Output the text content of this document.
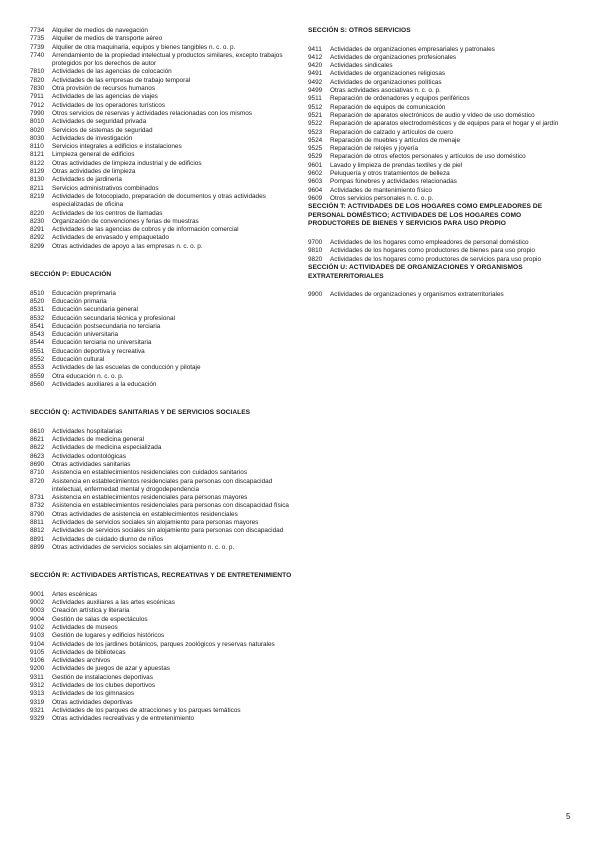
7734	Alquiler de medios de navegación
7735	Alquiler de medios de transporte aéreo
7739	Alquiler de otra maquinaria, equipos y bienes tangibles n. c. o. p.
7740	Arrendamiento de la propiedad intelectual y productos similares, excepto trabajos protegidos por los derechos de autor
7810	Actividades de las agencias de colocación
7820	Actividades de las empresas de trabajo temporal
7830	Otra provisión de recursos humanos
7911	Actividades de las agencias de viajes
7912	Actividades de los operadores turísticos
7990	Otros servicios de reservas y actividades relacionadas con los mismos
8010	Actividades de seguridad privada
8020	Servicios de sistemas de seguridad
8030	Actividades de investigación
8110	Servicios integrales a edificios e instalaciones
8121	Limpieza general de edificios
8122	Otras actividades de limpieza industrial y de edificios
8129	Otras actividades de limpieza
8130	Actividades de jardinería
8211	Servicios administrativos combinados
8219	Actividades de fotocopiado, preparación de documentos y otras actividades especializadas de oficina
8220	Actividades de los centros de llamadas
8230	Organización de convenciones y ferias de muestras
8291	Actividades de las agencias de cobros y de información comercial
8292	Actividades de envasado y empaquetado
8299	Otras actividades de apoyo a las empresas n. c. o. p.
SECCIÓN P: EDUCACIÓN
8510	Educación preprimaria
8520	Educación primaria
8531	Educación secundaria general
8532	Educación secundaria técnica y profesional
8541	Educación postsecundaria no terciaria
8543	Educación universitaria
8544	Educación terciaria no universitaria
8551	Educación deportiva y recreativa
8552	Educación cultural
8553	Actividades de las escuelas de conducción y pilotaje
8559	Otra educación n. c. o. p.
8560	Actividades auxiliares a la educación
SECCIÓN Q: ACTIVIDADES SANITARIAS Y DE SERVICIOS SOCIALES
8610	Actividades hospitalarias
8621	Actividades de medicina general
8622	Actividades de medicina especializada
8623	Actividades odontológicas
8690	Otras actividades sanitarias
8710	Asistencia en establecimientos residenciales con cuidados sanitarios
8720	Asistencia en establecimientos residenciales para personas con discapacidad intelectual, enfermedad mental y drogodependencia
8731	Asistencia en establecimientos residenciales para personas mayores
8732	Asistencia en establecimientos residenciales para personas con discapacidad física
8790	Otras actividades de asistencia en establecimientos residenciales
8811	Actividades de servicios sociales sin alojamiento para personas mayores
8812	Actividades de servicios sociales sin alojamiento para personas con discapacidad
8891	Actividades de cuidado diurno de niños
8899	Otras actividades de servicios sociales sin alojamiento n. c. o. p.
SECCIÓN R: ACTIVIDADES ARTÍSTICAS, RECREATIVAS Y DE ENTRETENIMIENTO
9001	Artes escénicas
9002	Actividades auxiliares a las artes escénicas
9003	Creación artística y literaria
9004	Gestión de salas de espectáculos
9102	Actividades de museos
9103	Gestión de lugares y edificios históricos
9104	Actividades de los jardines botánicos, parques zoológicos y reservas naturales
9105	Actividades de bibliotecas
9106	Actividades archivos
9200	Actividades de juegos de azar y apuestas
9311	Gestión de instalaciones deportivas
9312	Actividades de los clubes deportivos
9313	Actividades de los gimnasios
9319	Otras actividades deportivas
9321	Actividades de los parques de atracciones y los parques temáticos
9329	Otras actividades recreativas y de entretenimiento
SECCIÓN S: OTROS SERVICIOS
9411	Actividades de organizaciones empresariales y patronales
9412	Actividades de organizaciones profesionales
9420	Actividades sindicales
9491	Actividades de organizaciones religiosas
9492	Actividades de organizaciones políticas
9499	Otras actividades asociativas n. c. o. p.
9511	Reparación de ordenadores y equipos periféricos
9512	Reparación de equipos de comunicación
9521	Reparación de aparatos electrónicos de audio y vídeo de uso doméstico
9522	Reparación de aparatos electrodomésticos y de equipos para el hogar y el jardín
9523	Reparación de calzado y artículos de cuero
9524	Reparación de muebles y artículos de menaje
9525	Reparación de relojes y joyería
9529	Reparación de otros efectos personales y artículos de uso doméstico
9601	Lavado y limpieza de prendas textiles y de piel
9602	Peluquería y otros tratamientos de belleza
9603	Pompas fúnebres y actividades relacionadas
9604	Actividades de mantenimiento físico
9609	Otros servicios personales n. c. o. p.
SECCIÓN T: ACTIVIDADES DE LOS HOGARES COMO EMPLEADORES DE PERSONAL DOMÉSTICO; ACTIVIDADES DE LOS HOGARES COMO PRODUCTORES DE BIENES Y SERVICIOS PARA USO PROPIO
9700	Actividades de los hogares como empleadores de personal doméstico
9810	Actividades de los hogares como productores de bienes para uso propio
9820	Actividades de los hogares como productores de servicios para uso propio
SECCIÓN U: ACTIVIDADES DE ORGANIZACIONES Y ORGANISMOS EXTRATERRITORIALES
9900	Actividades de organizaciones y organismos extraterritoriales
5
